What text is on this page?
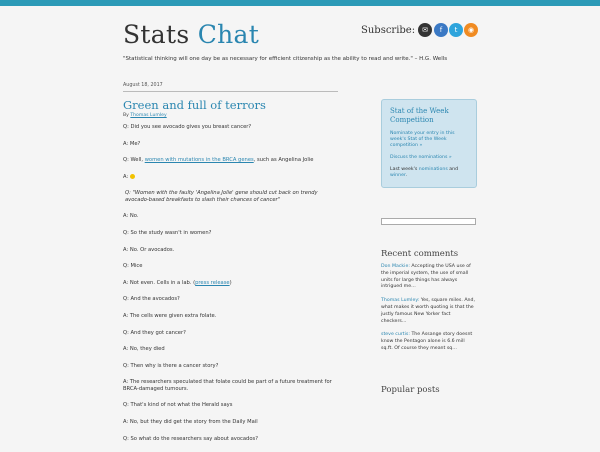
Stats Chat
"Statistical thinking will one day be as necessary for efficient citizenship as the ability to read and write." – H.G. Wells
Subscribe: ✉	f	t	◉
August 18, 2017
Green and full of terrors
By Thomas Lumley

Q: Did you see avocado gives you breast cancer?

A: Me?

Q: Well, women with mutations in the BRCA genes, such as Angelina Jolie

A:

Q: "Women with the faulty 'Angelina Jolie' gene should cut back on trendy avocado-based breakfasts to slash their chances of cancer"

A: No.

Q: So the study wasn't in women?

A: No. Or avocados.

Q: Mice

A: Not even. Cells in a lab. (press release)

Q: And the avocados?

A: The cells were given extra folate.

Q: And they got cancer?

A: No, they died

Q: Then why is there a cancer story?

A: The researchers speculated that folate could be part of a future treatment for BRCA-damaged tumours.

Q: That's kind of not what the Herald says

A: No, but they did get the story from the Daily Mail

Q: So what do the researchers say about avocados?

Stat of the Week Competition
Nominate your entry in this week's Stat of the Week competition »
Discuss the nominations »
Last week's nominations and winner.
Recent comments
Don Mackie: Accepting the USA use of the imperial system, the use of small units for large things has always intrigued me…
Thomas Lumley: Yes, square miles. And, what makes it worth quoting is that the justly famous New Yorker fact checkers…
steve curtis: The Assange story doesnt know the Pentagon alone is 6.6 mill sq.ft. Of course they meant sq…
Popular posts
